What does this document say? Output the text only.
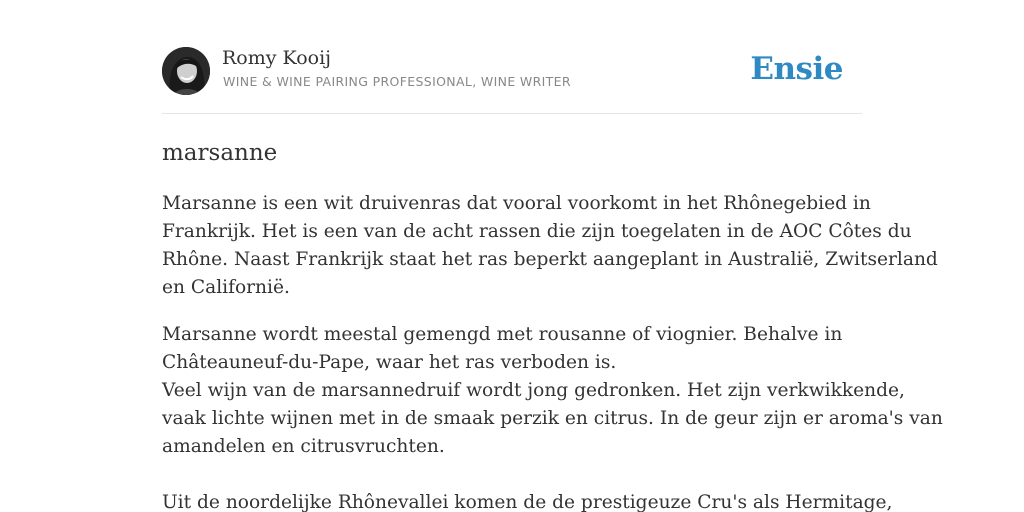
Romy Kooij
WINE & WINE PAIRING PROFESSIONAL, WINE WRITER	Ensie
marsanne

Marsanne is een wit druivenras dat vooral voorkomt in het Rhônegebied in
Frankrijk. Het is een van de acht rassen die zijn toegelaten in de AOC Côtes du
Rhône. Naast Frankrijk staat het ras beperkt aangeplant in Australië, Zwitserland
en Californië.

Marsanne wordt meestal gemengd met rousanne of viognier. Behalve in
Châteauneuf-du-Pape, waar het ras verboden is.
Veel wijn van de marsannedruif wordt jong gedronken. Het zijn verkwikkende,
vaak lichte wijnen met in de smaak perzik en citrus. In de geur zijn er aroma's van
amandelen en citrusvruchten.
Uit de noordelijke Rhônevallei komen de de prestigeuze Cru's als Hermitage,
